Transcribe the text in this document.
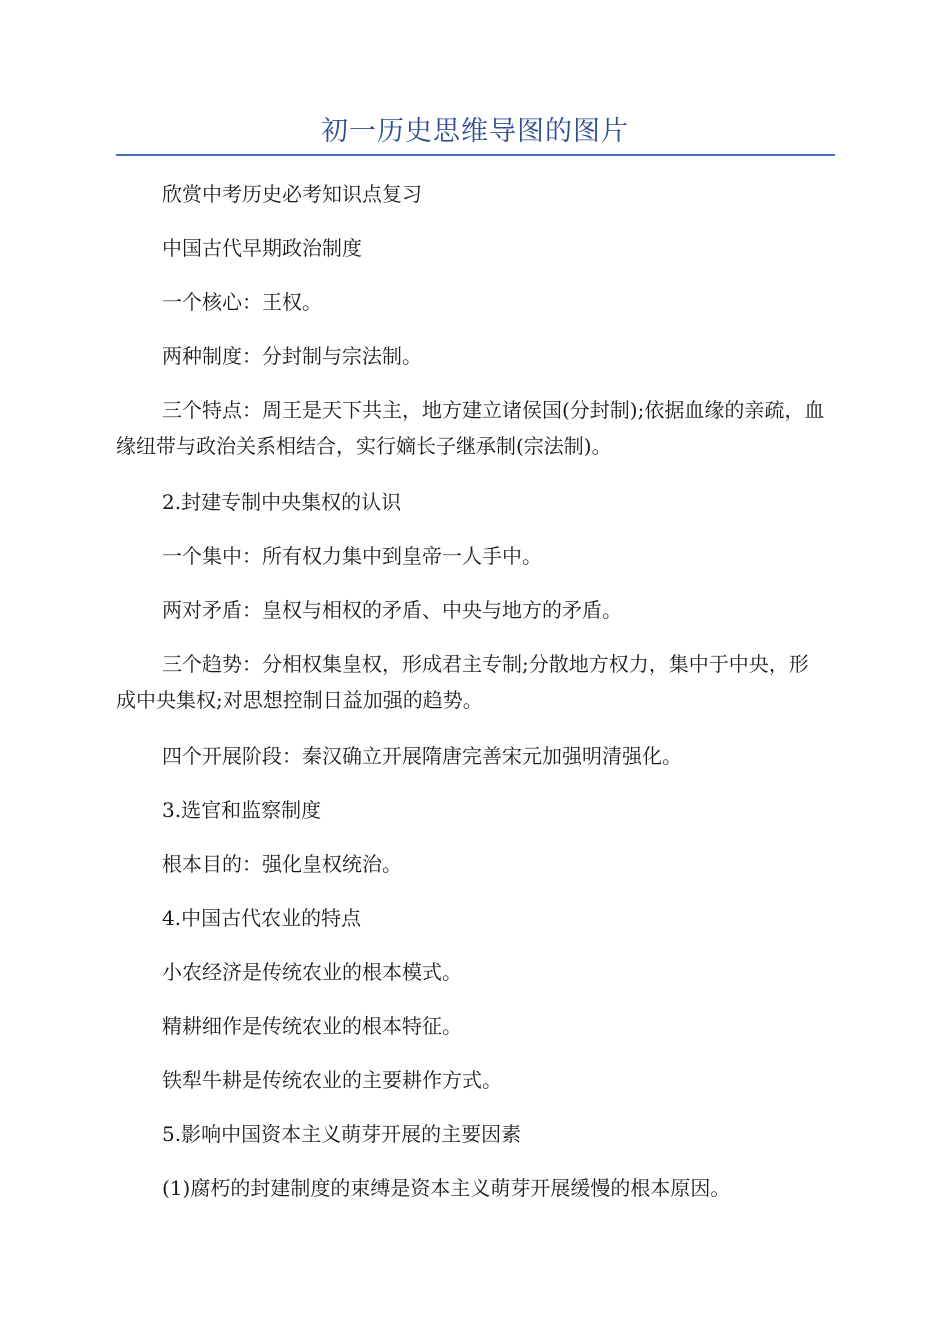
初一历史思维导图的图片

欣赏中考历史必考知识点复习

中国古代早期政治制度

一个核心：王权。

两种制度：分封制与宗法制。

三个特点：周王是天下共主，地方建立诸侯国(分封制);依据血缘的亲疏，血缘纽带与政治关系相结合，实行嫡长子继承制(宗法制)。

2.封建专制中央集权的认识

一个集中：所有权力集中到皇帝一人手中。

两对矛盾：皇权与相权的矛盾、中央与地方的矛盾。

三个趋势：分相权集皇权，形成君主专制;分散地方权力，集中于中央，形成中央集权;对思想控制日益加强的趋势。

四个开展阶段：秦汉确立开展隋唐完善宋元加强明清强化。

3.选官和监察制度

根本目的：强化皇权统治。

4.中国古代农业的特点

小农经济是传统农业的根本模式。

精耕细作是传统农业的根本特征。

铁犁牛耕是传统农业的主要耕作方式。

5.影响中国资本主义萌芽开展的主要因素

(1)腐朽的封建制度的束缚是资本主义萌芽开展缓慢的根本原因。
